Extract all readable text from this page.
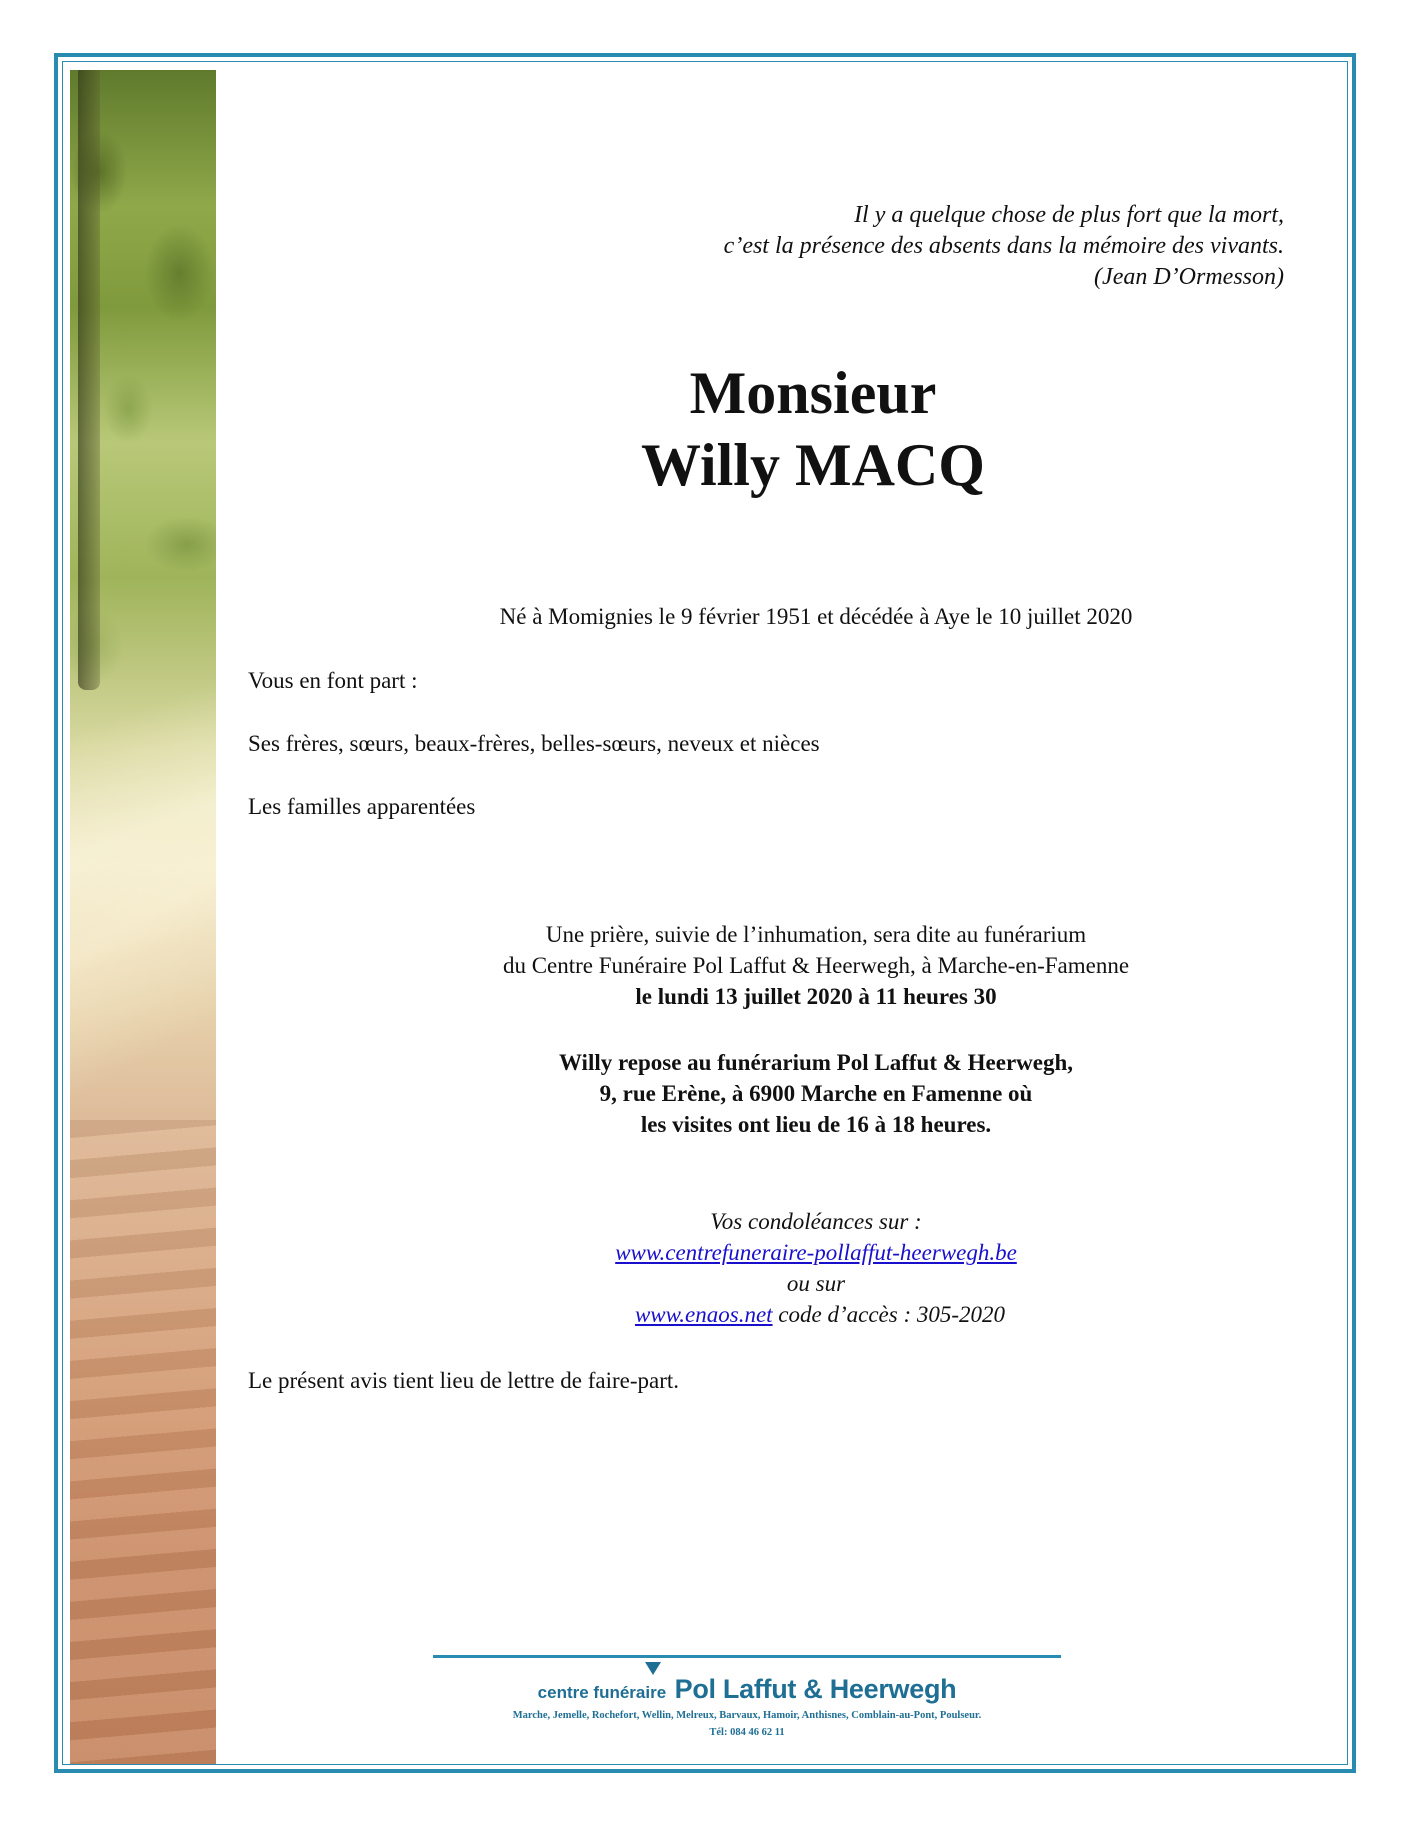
Il y a quelque chose de plus fort que la mort,
c’est la présence des absents dans la mémoire des vivants.
(Jean D’Ormesson)
Monsieur
Willy MACQ
Né à Momignies le 9 février 1951 et décédée à Aye le 10 juillet 2020
Vous en font part :
Ses frères, sœurs, beaux-frères, belles-sœurs, neveux et nièces
Les familles apparentées
Une prière, suivie de l’inhumation, sera dite au funérarium
du Centre Funéraire Pol Laffut & Heerwegh, à Marche-en-Famenne
le lundi 13 juillet 2020 à 11 heures 30
Willy repose au funérarium Pol Laffut & Heerwegh,
9, rue Erène, à 6900 Marche en Famenne où
les visites ont lieu de 16 à 18 heures.
Vos condoléances sur :
www.centrefuneraire-pollaffut-heerwegh.be
ou sur
www.enaos.net code d’accès : 305-2020
Le présent avis tient lieu de lettre de faire-part.
centre funéraire Pol Laffut & Heerwegh
Marche, Jemelle, Rochefort, Wellin, Melreux, Barvaux, Hamoir, Anthisnes, Comblain-au-Pont, Poulseur.
Tél: 084 46 62 11
